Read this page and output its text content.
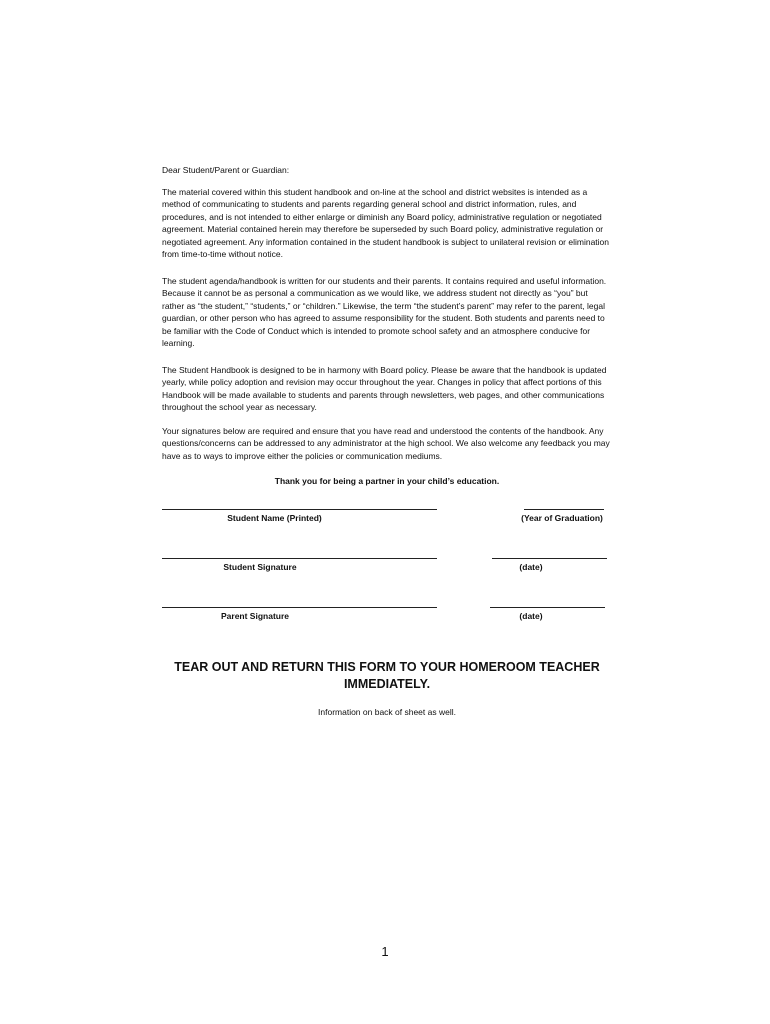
Dear Student/Parent or Guardian:

The material covered within this student handbook and on-line at the school and district websites is intended as a method of communicating to students and parents regarding general school and district information, rules, and procedures, and is not intended to either enlarge or diminish any Board policy, administrative regulation or negotiated agreement. Material contained herein may therefore be superseded by such Board policy, administrative regulation or negotiated agreement. Any information contained in the student handbook is subject to unilateral revision or elimination from time-to-time without notice.

The student agenda/handbook is written for our students and their parents. It contains required and useful information. Because it cannot be as personal a communication as we would like, we address student not directly as “you” but rather as “the student,” “students,” or “children.” Likewise, the term “the student’s parent” may refer to the parent, legal guardian, or other person who has agreed to assume responsibility for the student. Both students and parents need to be familiar with the Code of Conduct which is intended to promote school safety and an atmosphere conducive for learning.

The Student Handbook is designed to be in harmony with Board policy. Please be aware that the handbook is updated yearly, while policy adoption and revision may occur throughout the year. Changes in policy that affect portions of this Handbook will be made available to students and parents through newsletters, web pages, and other communications throughout the school year as necessary.

Your signatures below are required and ensure that you have read and understood the contents of the handbook. Any questions/concerns can be addressed to any administrator at the high school. We also welcome any feedback you may have as to ways to improve either the policies or communication mediums.

Thank you for being a partner in your child’s education.
Student Name (Printed)	(Year of Graduation)
Student Signature	(date)
Parent Signature	(date)
TEAR OUT AND RETURN THIS FORM TO YOUR HOMEROOM TEACHER IMMEDIATELY.
Information on back of sheet as well.
1
